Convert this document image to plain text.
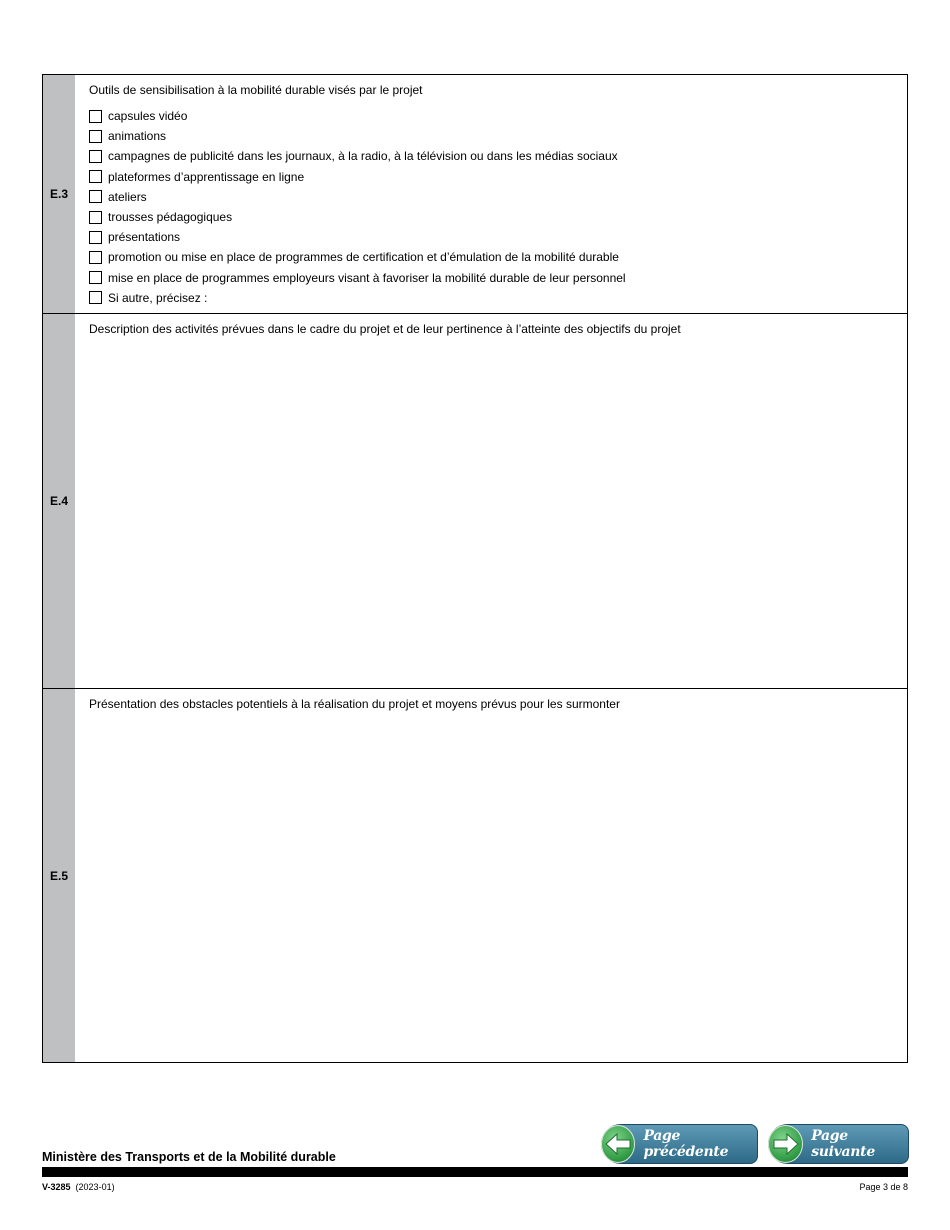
E.3
Outils de sensibilisation à la mobilité durable visés par le projet
capsules vidéo
animations
campagnes de publicité dans les journaux, à la radio, à la télévision ou dans les médias sociaux
plateformes d’apprentissage en ligne
ateliers
trousses pédagogiques
présentations
promotion ou mise en place de programmes de certification et d’émulation de la mobilité durable
mise en place de programmes employeurs visant à favoriser la mobilité durable de leur personnel
Si autre, précisez :
E.4
Description des activités prévues dans le cadre du projet et de leur pertinence à l’atteinte des objectifs du projet
E.5
Présentation des obstacles potentiels à la réalisation du projet et moyens prévus pour les surmonter
Page précédente
Page suivante
Ministère des Transports et de la Mobilité durable
V-3285 (2023-01)	Page 3 de 8
